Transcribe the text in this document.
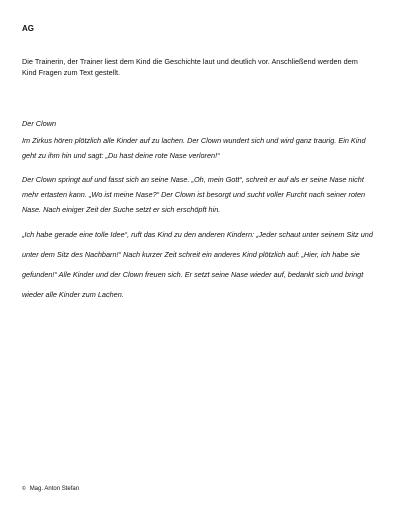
AG
Die Trainerin, der Trainer liest dem Kind die Geschichte laut und deutlich vor. Anschließend werden dem Kind Fragen zum Text gestellt.
Der Clown

Im Zirkus hören plötzlich alle Kinder auf zu lachen. Der Clown wundert sich und wird ganz traurig. Ein Kind geht zu ihm hin und sagt: „Du hast deine rote Nase verloren!“

Der Clown springt auf und fasst sich an seine Nase. „Oh, mein Gott“, schreit er auf als er seine Nase nicht mehr ertasten kann. „Wo ist meine Nase?“ Der Clown ist besorgt und sucht voller Furcht nach seiner roten Nase. Nach einiger Zeit der Suche setzt er sich erschöpft hin.

„Ich habe gerade eine tolle Idee“, ruft das Kind zu den anderen Kindern: „Jeder schaut unter seinem Sitz und unter dem Sitz des Nachbarn!“ Nach kurzer Zeit schreit ein anderes Kind plötzlich auf: „Hier, ich habe sie gefunden!“ Alle Kinder und der Clown freuen sich. Er setzt seine Nase wieder auf, bedankt sich und bringt wieder alle Kinder zum Lachen.

© Mag. Anton Stefan
